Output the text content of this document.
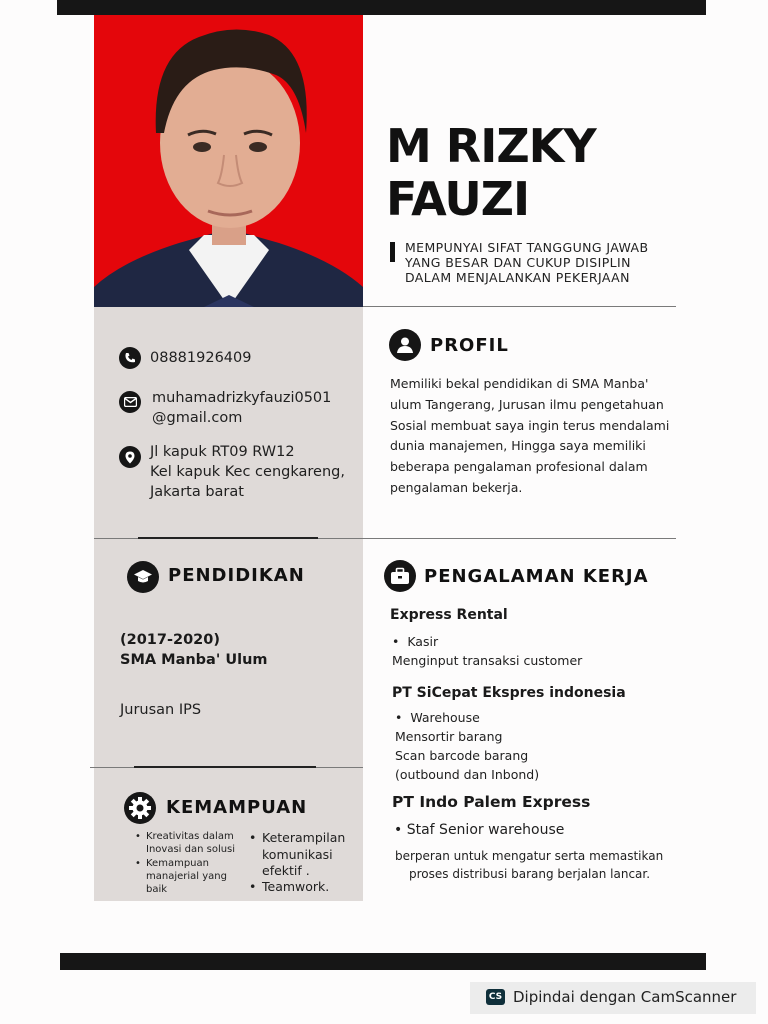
M RIZKY
FAUZI
MEMPUNYAI SIFAT TANGGUNG JAWAB YANG BESAR DAN CUKUP DISIPLIN DALAM MENJALANKAN PEKERJAAN
08881926409
muhamadrizkyfauzi0501
@gmail.com
Jl kapuk RT09 RW12
Kel kapuk Kec cengkareng,
Jakarta barat
PROFIL
Memiliki bekal pendidikan di SMA Manba' ulum Tangerang, Jurusan ilmu pengetahuan Sosial membuat saya ingin terus mendalami dunia manajemen, Hingga saya memiliki beberapa pengalaman profesional dalam pengalaman bekerja.
PENDIDIKAN
(2017-2020)
SMA Manba' Ulum
Jurusan IPS
KEMAMPUAN
• Kreativitas dalam Inovasi dan solusi
• Kemampuan manajerial yang baik
• Keterampilan komunikasi efektif .
• Teamwork.
PENGALAMAN KERJA
Express Rental
•  Kasir
Menginput transaksi customer
PT SiCepat Ekspres indonesia
•  Warehouse
Mensortir barang
Scan barcode barang
(outbound dan Inbond)
PT Indo Palem Express
• Staf Senior warehouse
berperan untuk mengatur serta memastikan
proses distribusi barang berjalan lancar.
CS Dipindai dengan CamScanner
